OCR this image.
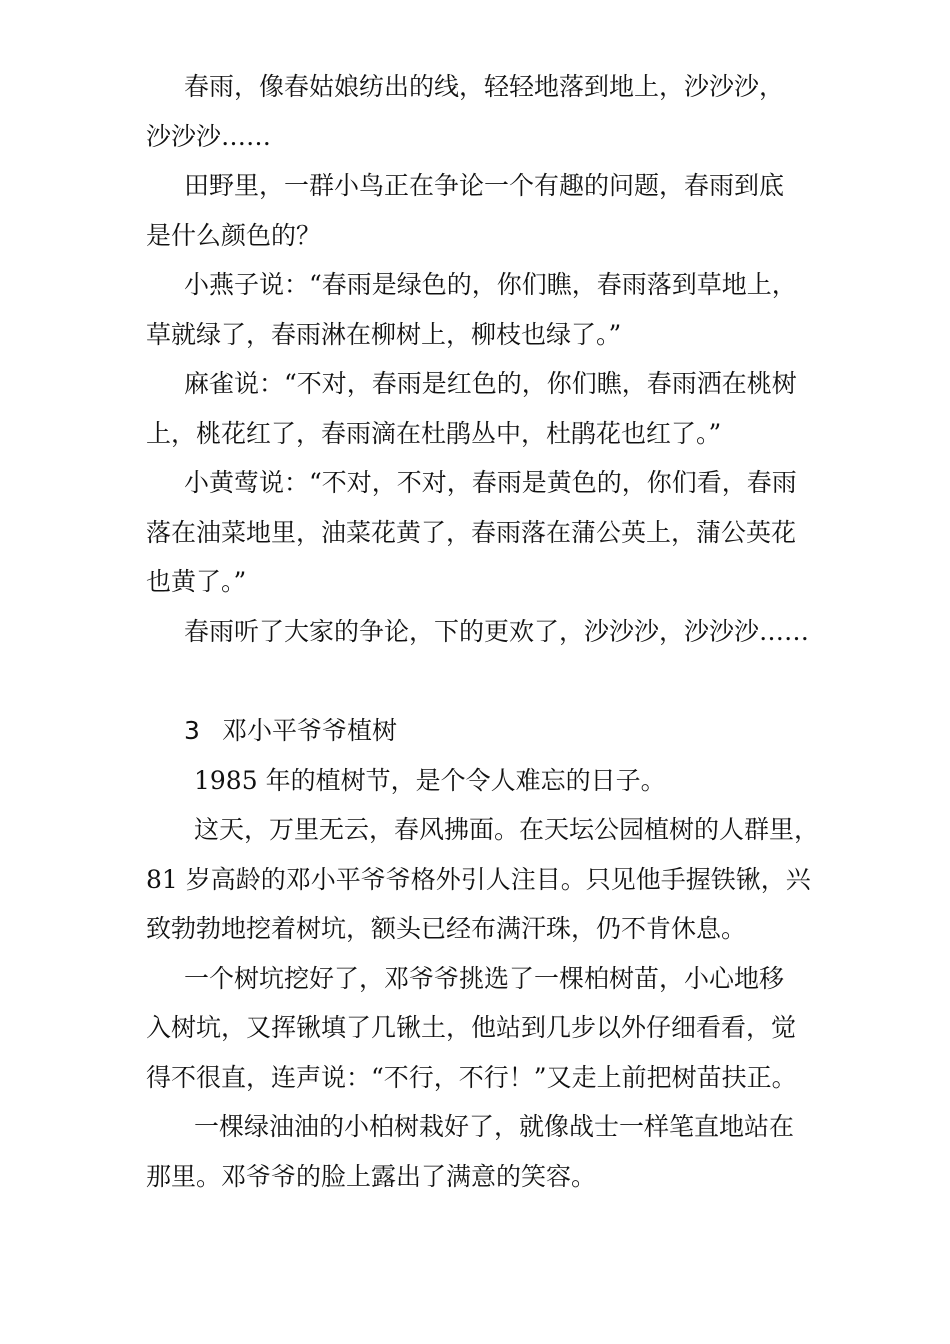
春雨，像春姑娘纺出的线，轻轻地落到地上，沙沙沙，
沙沙沙……
田野里，一群小鸟正在争论一个有趣的问题，春雨到底
是什么颜色的？
小燕子说：“春雨是绿色的，你们瞧，春雨落到草地上，
草就绿了，春雨淋在柳树上，柳枝也绿了。”
麻雀说：“不对，春雨是红色的，你们瞧，春雨洒在桃树
上，桃花红了，春雨滴在杜鹃丛中，杜鹃花也红了。”
小黄莺说：“不对，不对，春雨是黄色的，你们看，春雨
落在油菜地里，油菜花黄了，春雨落在蒲公英上，蒲公英花
也黄了。”
春雨听了大家的争论，下的更欢了，沙沙沙，沙沙沙……
3 邓小平爷爷植树
1985 年的植树节，是个令人难忘的日子。
这天，万里无云，春风拂面。在天坛公园植树的人群里，
81 岁高龄的邓小平爷爷格外引人注目。只见他手握铁锹，兴
致勃勃地挖着树坑，额头已经布满汗珠，仍不肯休息。
一个树坑挖好了，邓爷爷挑选了一棵柏树苗，小心地移
入树坑，又挥锹填了几锹土，他站到几步以外仔细看看，觉
得不很直，连声说：“不行，不行！”又走上前把树苗扶正。
一棵绿油油的小柏树栽好了，就像战士一样笔直地站在
那里。邓爷爷的脸上露出了满意的笑容。
